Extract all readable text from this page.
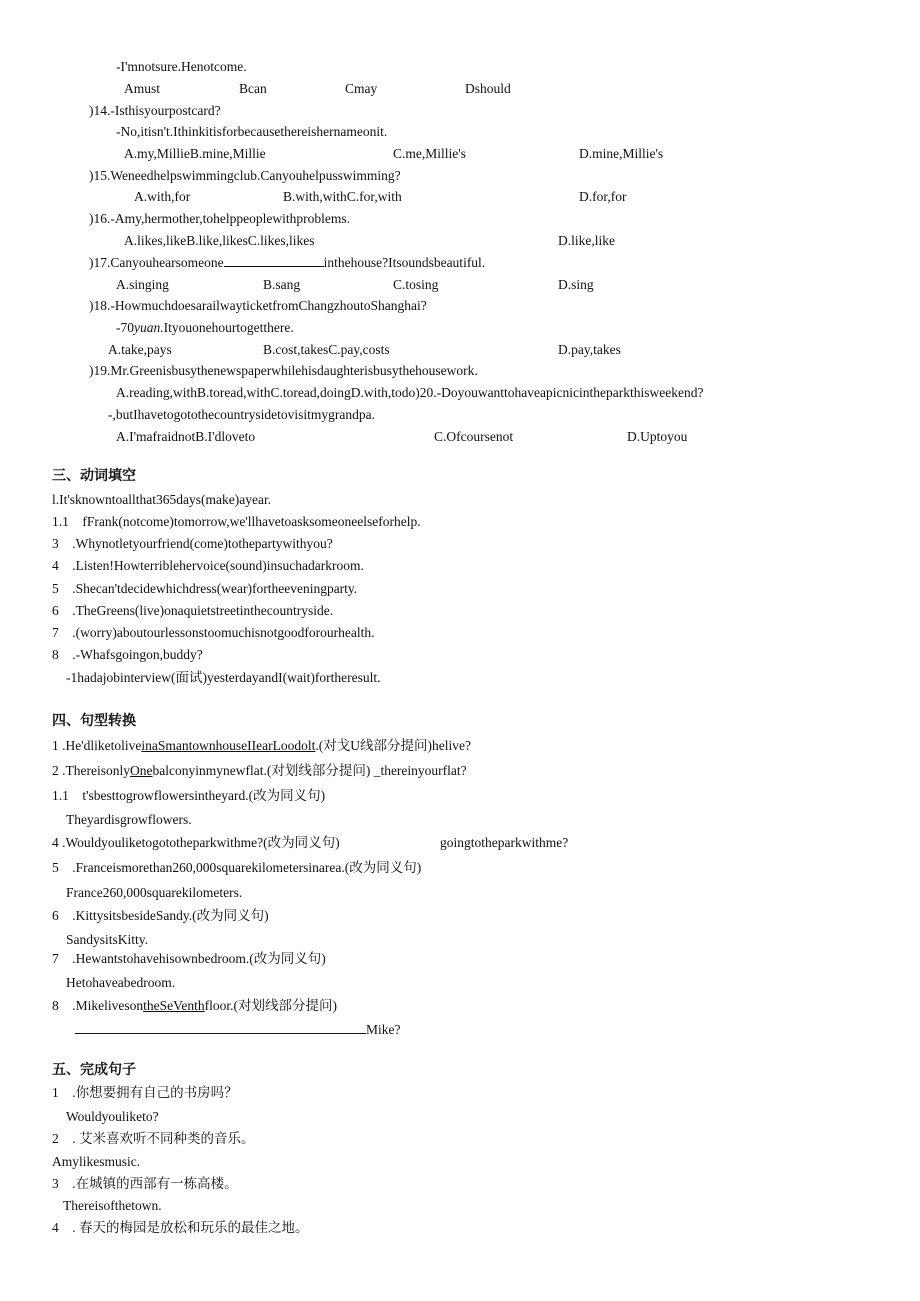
-I'mnotsure.Henotcome.
Amust	Bcan	Cmay	Dshould
)14.-Isthisyourpostcard?
-No,itisn't.Ithinkitisforbecausethereishernameonit.
A.my,MillieB.mine,Millie	C.me,Millie's	D.mine,Millie's
)15.Weneedhelpswimmingclub.Canyouhelpusswimming?
A.with,for	B.with,withC.for,with	D.for,for
)16.-Amy,hermother,tohelppeoplewithproblems.
A.likes,likeB.like,likesC.likes,likes	D.like,like
)17.Canyouhearsomeone	inthehouse?Itsoundsbeautiful.
A.singing	B.sang	C.tosing	D.sing
)18.-HowmuchdoesarailwayticketfromChangzhoutoShanghai?
-70yuan.Ityouonehourtogetthere.
A.take,pays	B.cost,takesC.pay,costs	D.pay,takes
)19.Mr.Greenisbusythenewspaperwhilehisdaughterisbusythehousework.
A.reading,withB.toread,withC.toread,doingD.with,todo)20.-Doyouwanttohaveapicnicintheparkthisweekend?
-,butIhavetogotothecountrysidetovisitmygrandpa.
A.I'mafraidnotB.I'dloveto	C.Ofcoursenot	D.Uptoyou
三、动词填空
l.It'sknowntoallthat365days(make)ayear.
1.1　fFrank(notcome)tomorrow,we'llhavetoasksomeoneelseforhelp.
3　.Whynotletyourfriend(come)tothepartywithyou?
4　.Listen!Howterriblehervoice(sound)insuchadarkroom.
5　.Shecan'tdecidewhichdress(wear)fortheeveningparty.
6　.TheGreens(live)onaquietstreetinthecountryside.
7　.(worry)aboutourlessonstoomuchisnotgoodforourhealth.
8　.-Whafsgoingon,buddy?
-1hadajobinterview(面试)yesterdayandI(wait)fortheresult.
四、句型转换
1 .He'dliketoliveinaSmantownhouseIIearLoodolt.(对戈U线部分提问)helive?
2 .ThereisonlyOnebalconyinmynewflat.(对划线部分提问) _thereinyourflat?
1.1　t'sbesttogrowflowersintheyard.(改为同义句)
Theyardisgrowflowers.
4 .Wouldyouliketogototheparkwithme?(改为同义句)	goingtotheparkwithme?
5　.Franceismorethan260,000squarekilometersinarea.(改为同义句)
France260,000squarekilometers.
6　.KittysitsbesideSandy.(改为同义句)
SandysitsKitty.
7　.Hewantstohavehisownbedroom.(改为同义句)
Hetohaveabedroom.
8　.MikelivesontheSeVenthfloor.(对划线部分提问)
Mike?
五、完成句子
1　.你想要拥有自己的书房吗？
Wouldyouliketo?
2　. 艾米喜欢听不同种类的音乐。
Amylikesmusic.
3　.在城镇的西部有一栋高楼。
Thereisofthetown.
4　. 春天的梅园是放松和玩乐的最佳之地。
